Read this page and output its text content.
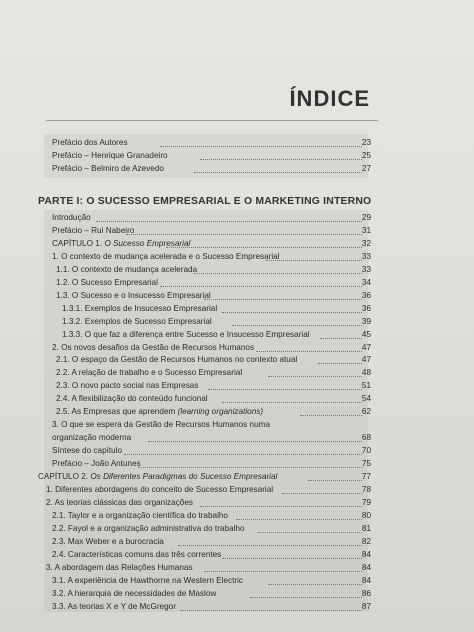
ÍNDICE
Prefácio dos Autores	23
Prefácio – Henrique Granadeiro	25
Prefácio – Belmiro de Azevedo	27
PARTE I: O SUCESSO EMPRESARIAL E O MARKETING INTERNO
Introdução	29
Prefácio – Rui Nabeiro	31
CAPÍTULO 1. O Sucesso Empresarial	32
1. O contexto de mudança acelerada e o Sucesso Empresarial	33
1.1. O contexto de mudança acelerada	33
1.2. O Sucesso Empresarial	34
1.3. O Sucesso e o Insucesso Empresarial	36
1.3.1. Exemplos de Insucesso Empresarial	36
1.3.2. Exemplos de Sucesso Empresarial	39
1.3.3. O que faz a diferença entre Sucesso e Insucesso Empresarial	45
2. Os novos desafios da Gestão de Recursos Humanos	47
2.1. O espaço da Gestão de Recursos Humanos no contexto atual	47
2.2. A relação de trabalho e o Sucesso Empresarial	48
2.3. O novo pacto social nas Empresas	51
2.4. A flexibilização do conteúdo funcional	54
2.5. As Empresas que aprendem (learning organizations)	62
3. O que se espera da Gestão de Recursos Humanos numa
organização moderna	68
Síntese do capítulo	70
Prefácio – João Antunes	75
CAPÍTULO 2. Os Diferentes Paradigmas do Sucesso Empresarial	77
1. Diferentes abordagens do conceito de Sucesso Empresarial	78
2. As teorias clássicas das organizações	79
2.1. Taylor e a organização científica do trabalho	80
2.2. Fayol e a organização administrativa do trabalho	81
2.3. Max Weber e a burocracia	82
2.4. Características comuns das três correntes	84
3. A abordagem das Relações Humanas	84
3.1. A experiência de Hawthorne na Western Electric	84
3.2. A hierarquia de necessidades de Maslow	86
3.3. As teorias X e Y de McGregor	87
